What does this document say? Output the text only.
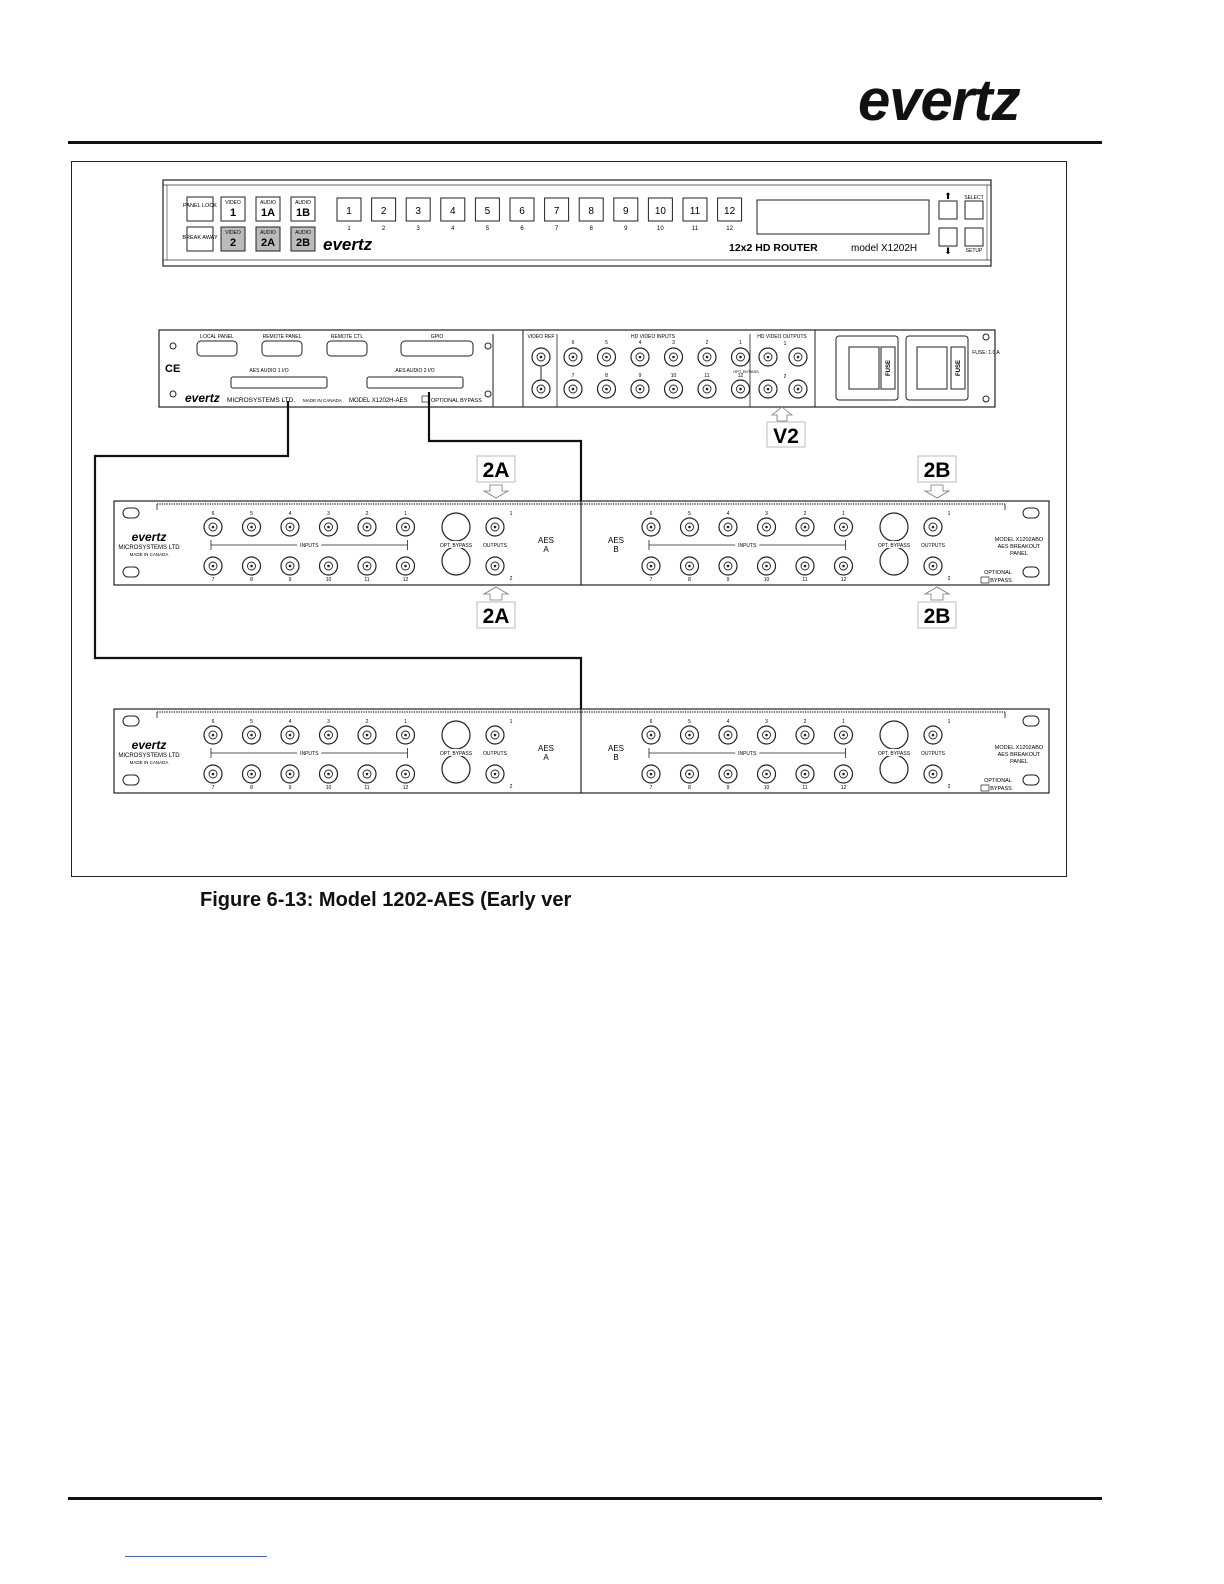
evertz
PANEL LOCK
BREAK AWAY
VIDEO
1
AUDIO
1A
AUDIO
1B
VIDEO
2
AUDIO
2A
AUDIO
2B
1
1
2
2
3
3
4
4
5
5
6
6
7
7
8
8
9
9
10
10
11
11
12
12
evertz	12x2 HD ROUTER	model X1202H
⬆	SELECT
⬇	SETUP
LOCAL PANEL	REMOTE PANEL	REMOTE CTL	GPIO
CE	AES AUDIO 1 I/O	AES AUDIO 2 I/O
evertz MICROSYSTEMS LTD. MADE IN CANADA MODEL X1202H-AES	OPTIONAL BYPASS
VIDEO REF	HD VIDEO INPUTS	HD VIDEO OUTPUTS
OPT. BYPASS
6
7
5
8
4
9
3
10
2
11
1
12
1
2
FUSE	FUSE
FUSE: 1.0 A
evertz
MICROSYSTEMS LTD
MADE IN CANADA
6
7
5
8
4
9
3
10
2
11
1
12
INPUTS	OPT. BYPASS OUTPUTS
1
2
AES
A
6
7
5
8
4
9
3
10
2
11
1
12
INPUTS	OPT. BYPASS OUTPUTS
1
2
AES
B
MODEL X1202ABO
AES BREAKOUT
PANEL
OPTIONAL
BYPASS
evertz
MICROSYSTEMS LTD
MADE IN CANADA
6
7
5
8
4
9
3
10
2
11
1
12
INPUTS	OPT. BYPASS OUTPUTS
1
2
AES
A
6
7
5
8
4
9
3
10
2
11
1
12
INPUTS	OPT. BYPASS OUTPUTS
1
2
AES
B
MODEL X1202ABO
AES BREAKOUT
PANEL
OPTIONAL
BYPASS
V2
2A	2B
2A	2B
Figure 6-13: Model 1202-AES (Early ver
